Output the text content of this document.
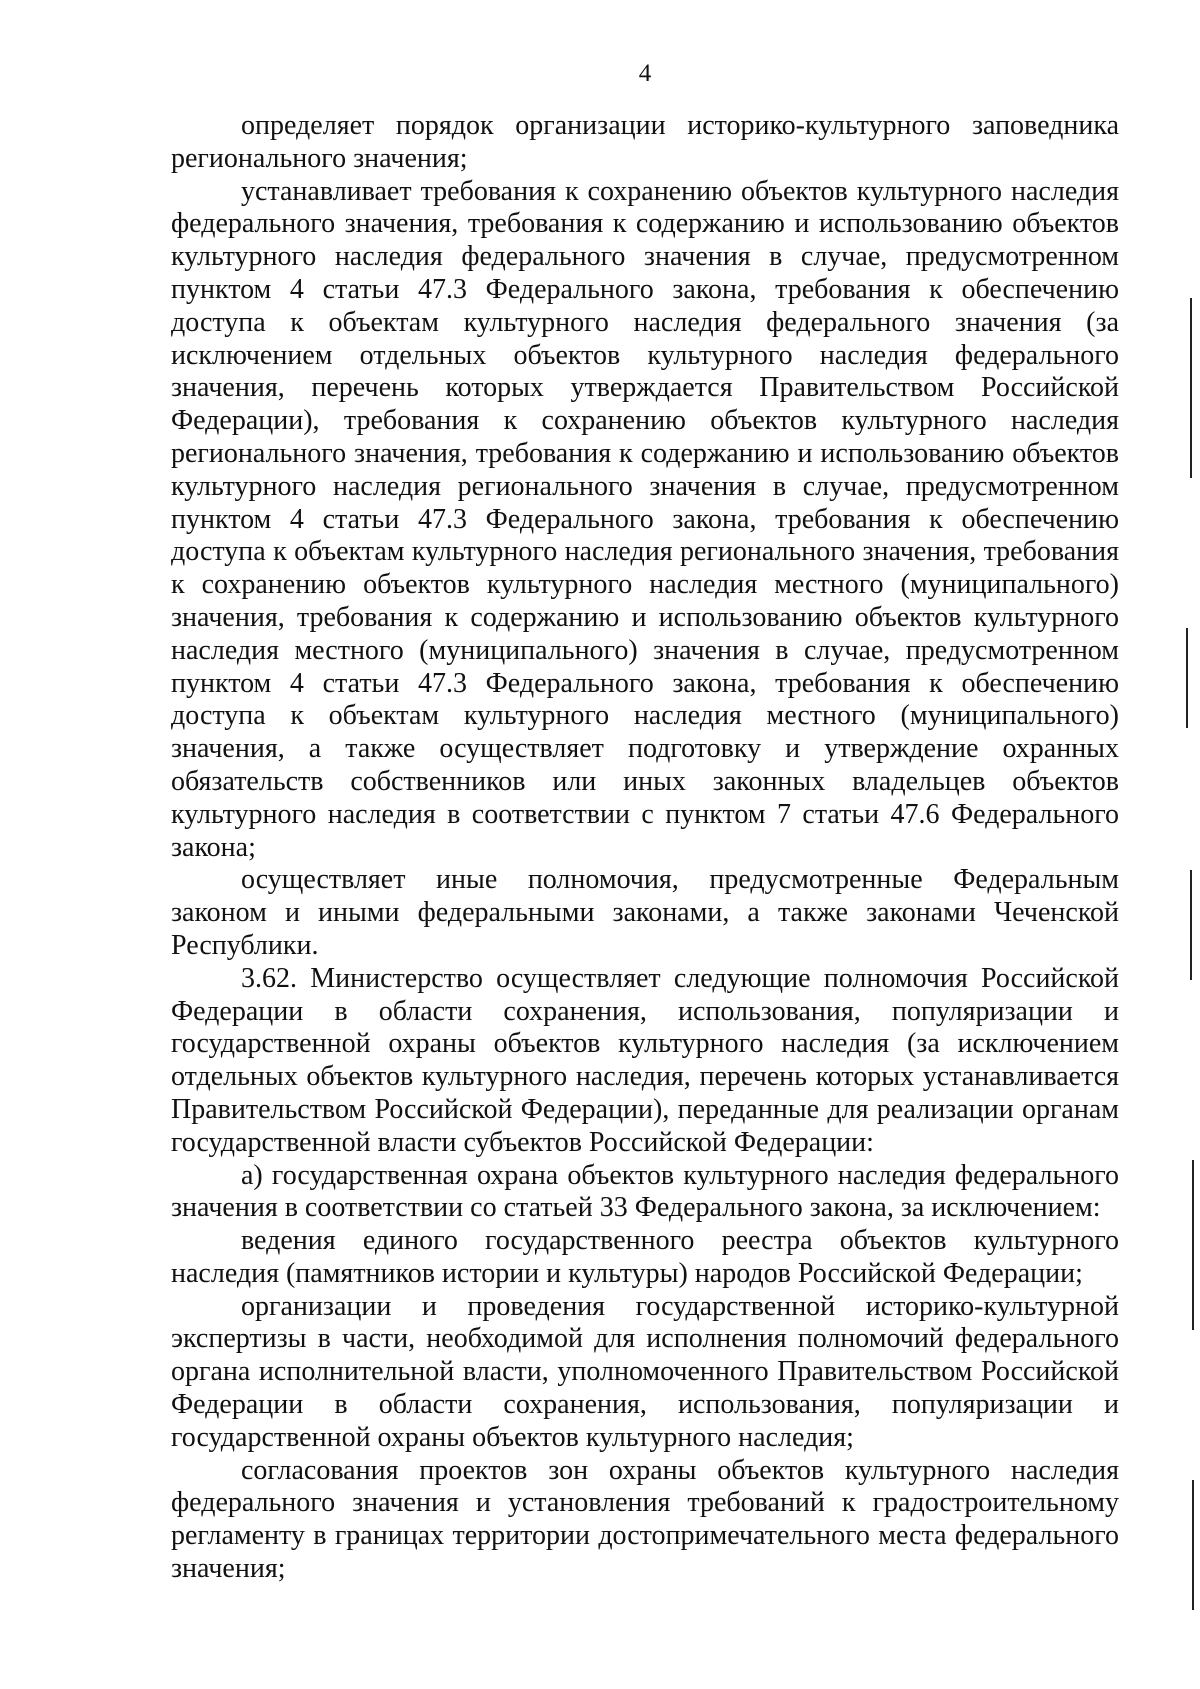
4

определяет порядок организации историко-культурного заповедника регионального значения;

устанавливает требования к сохранению объектов культурного наследия федерального значения, требования к содержанию и использованию объектов культурного наследия федерального значения в случае, предусмотренном пунктом 4 статьи 47.3 Федерального закона, требования к обеспечению доступа к объектам культурного наследия федерального значения (за исключением отдельных объектов культурного наследия федерального значения, перечень которых утверждается Правительством Российской Федерации), требования к сохранению объектов культурного наследия регионального значения, требования к содержанию и использованию объектов культурного наследия регионального значения в случае, предусмотренном пунктом 4 статьи 47.3 Федерального закона, требования к обеспечению доступа к объектам культурного наследия регионального значения, требования к сохранению объектов культурного наследия местного (муниципального) значения, требования к содержанию и использованию объектов культурного наследия местного (муниципального) значения в случае, предусмотренном пунктом 4 статьи 47.3 Федерального закона, требования к обеспечению доступа к объектам культурного наследия местного (муниципального) значения, а также осуществляет подготовку и утверждение охранных обязательств собственников или иных законных владельцев объектов культурного наследия в соответствии с пунктом 7 статьи 47.6 Федерального закона;

осуществляет иные полномочия, предусмотренные Федеральным законом и иными федеральными законами, а также законами Чеченской Республики.

3.62. Министерство осуществляет следующие полномочия Российской Федерации в области сохранения, использования, популяризации и государственной охраны объектов культурного наследия (за исключением отдельных объектов культурного наследия, перечень которых устанавливается Правительством Российской Федерации), переданные для реализации органам государственной власти субъектов Российской Федерации:

а) государственная охрана объектов культурного наследия федерального значения в соответствии со статьей 33 Федерального закона, за исключением:

ведения единого государственного реестра объектов культурного наследия (памятников истории и культуры) народов Российской Федерации;

организации и проведения государственной историко-культурной экспертизы в части, необходимой для исполнения полномочий федерального органа исполнительной власти, уполномоченного Правительством Российской Федерации в области сохранения, использования, популяризации и государственной охраны объектов культурного наследия;

согласования проектов зон охраны объектов культурного наследия федерального значения и установления требований к градостроительному регламенту в границах территории достопримечательного места федерального значения;
